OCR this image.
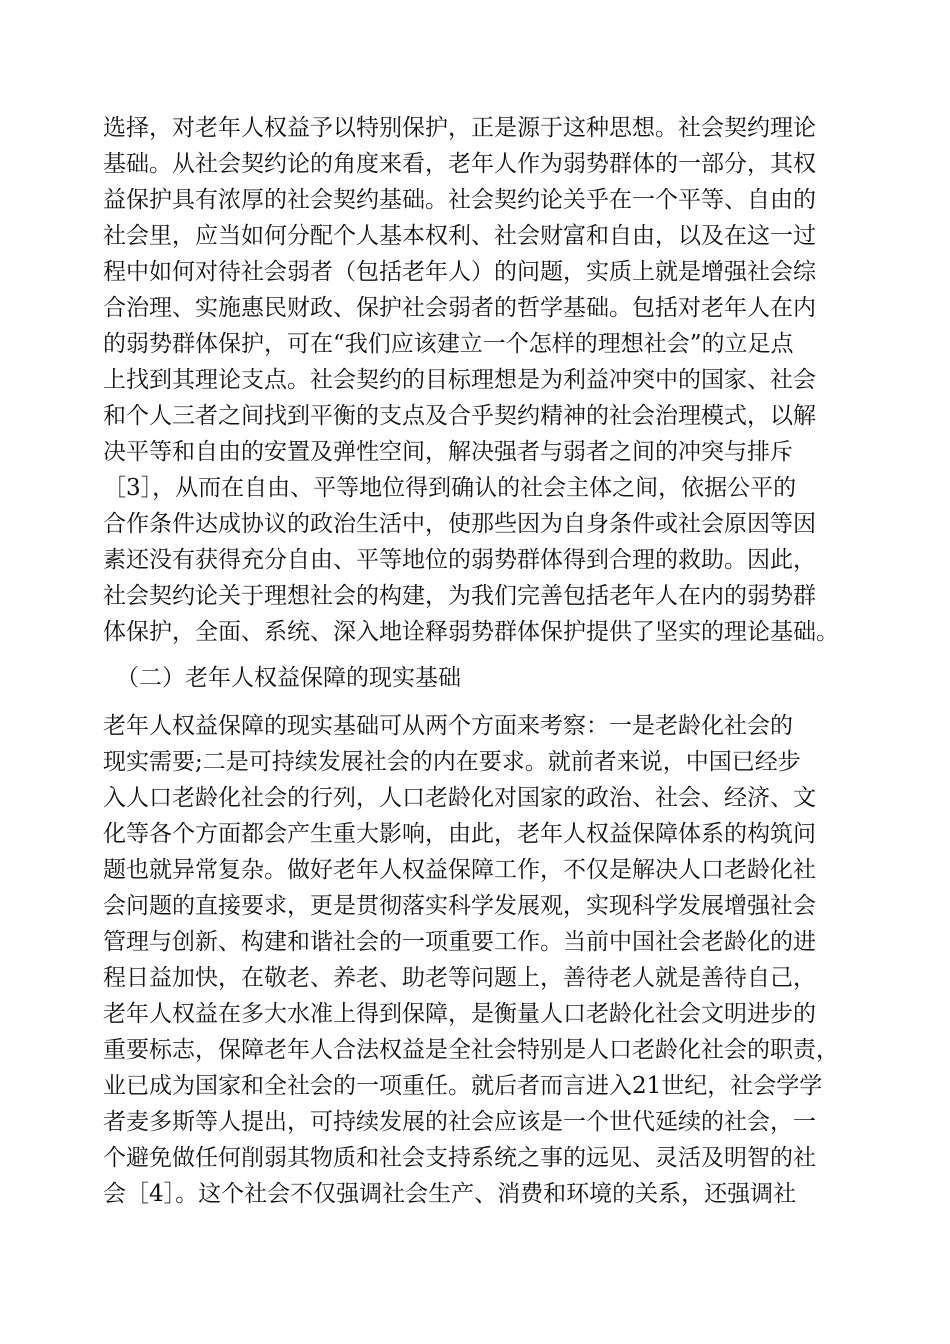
选择，对老年人权益予以特别保护，正是源于这种思想。社会契约理论
基础。从社会契约论的角度来看，老年人作为弱势群体的一部分，其权
益保护具有浓厚的社会契约基础。社会契约论关乎在一个平等、自由的
社会里，应当如何分配个人基本权利、社会财富和自由，以及在这一过
程中如何对待社会弱者（包括老年人）的问题，实质上就是增强社会综
合治理、实施惠民财政、保护社会弱者的哲学基础。包括对老年人在内
的弱势群体保护，可在“我们应该建立一个怎样的理想社会”的立足点
上找到其理论支点。社会契约的目标理想是为利益冲突中的国家、社会
和个人三者之间找到平衡的支点及合乎契约精神的社会治理模式，以解
决平等和自由的安置及弹性空间，解决强者与弱者之间的冲突与排斥
［3］，从而在自由、平等地位得到确认的社会主体之间，依据公平的
合作条件达成协议的政治生活中，使那些因为自身条件或社会原因等因
素还没有获得充分自由、平等地位的弱势群体得到合理的救助。因此，
社会契约论关于理想社会的构建，为我们完善包括老年人在内的弱势群
体保护，全面、系统、深入地诠释弱势群体保护提供了坚实的理论基础。
（二）老年人权益保障的现实基础
老年人权益保障的现实基础可从两个方面来考察：一是老龄化社会的
现实需要;二是可持续发展社会的内在要求。就前者来说，中国已经步
入人口老龄化社会的行列，人口老龄化对国家的政治、社会、经济、文
化等各个方面都会产生重大影响，由此，老年人权益保障体系的构筑问
题也就异常复杂。做好老年人权益保障工作，不仅是解决人口老龄化社
会问题的直接要求，更是贯彻落实科学发展观，实现科学发展增强社会
管理与创新、构建和谐社会的一项重要工作。当前中国社会老龄化的进
程日益加快，在敬老、养老、助老等问题上，善待老人就是善待自己，
老年人权益在多大水准上得到保障，是衡量人口老龄化社会文明进步的
重要标志，保障老年人合法权益是全社会特别是人口老龄化社会的职责，
业已成为国家和全社会的一项重任。就后者而言进入21世纪，社会学学
者麦多斯等人提出，可持续发展的社会应该是一个世代延续的社会，一
个避免做任何削弱其物质和社会支持系统之事的远见、灵活及明智的社
会［4］。这个社会不仅强调社会生产、消费和环境的关系，还强调社
